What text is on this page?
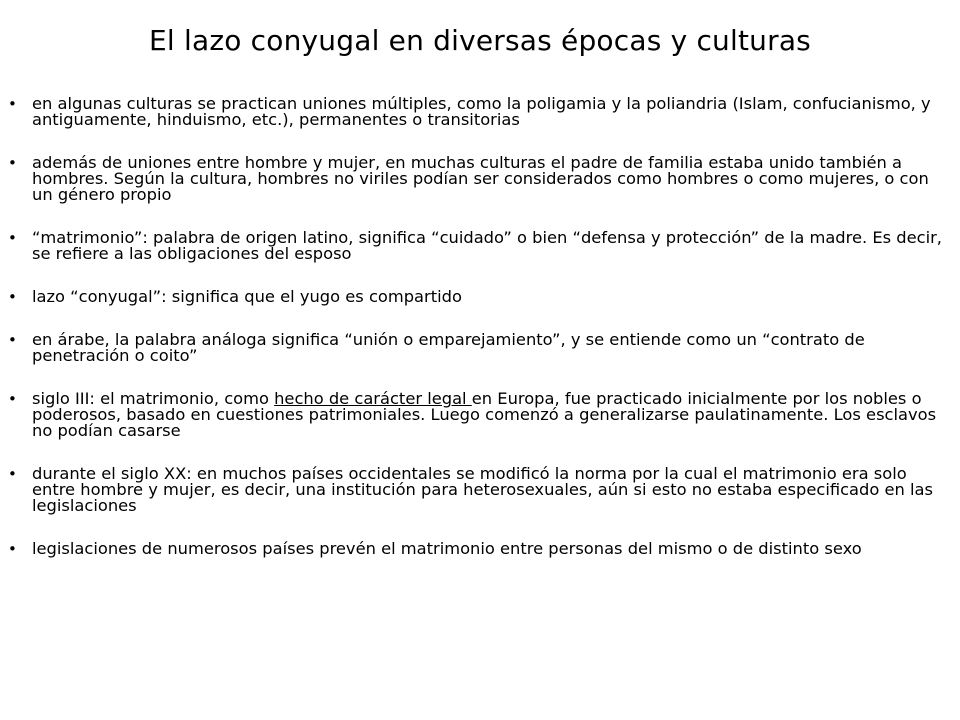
El lazo conyugal en diversas épocas y culturas
• en algunas culturas se practican uniones múltiples, como la poligamia y la poliandria (Islam, confucianismo, y antiguamente, hinduismo, etc.), permanentes o transitorias
• además de uniones entre hombre y mujer, en muchas culturas el padre de familia estaba unido también a hombres. Según la cultura, hombres no viriles podían ser considerados como hombres o como mujeres, o con un género propio
• “matrimonio”: palabra de origen latino, significa “cuidado” o bien “defensa y protección” de la madre. Es decir, se refiere a las obligaciones del esposo
• lazo “conyugal”: significa que el yugo es compartido
• en árabe, la palabra análoga significa “unión o emparejamiento”, y se entiende como un “contrato de penetración o coito”
• siglo III: el matrimonio, como hecho de carácter legal en Europa, fue practicado inicialmente por los nobles o poderosos, basado en cuestiones patrimoniales. Luego comenzó a generalizarse paulatinamente. Los esclavos no podían casarse
• durante el siglo XX: en muchos países occidentales se modificó la norma por la cual el matrimonio era solo entre hombre y mujer, es decir, una institución para heterosexuales, aún si esto no estaba especificado en las legislaciones
• legislaciones de numerosos países prevén el matrimonio entre personas del mismo o de distinto sexo
